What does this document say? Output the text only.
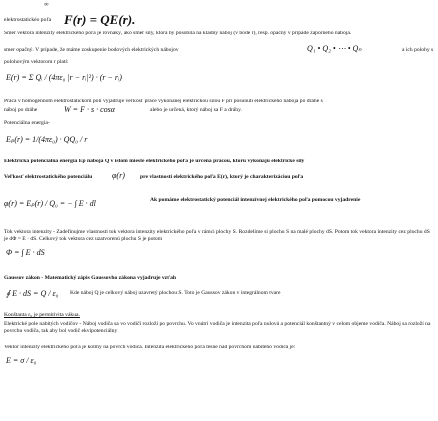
∞
elektrostatickéo poľa F(r) = QE(r).
Smer vektora intenzity elektrického poľa je rovnaký, ako smer sily, ktorá by pôsobila na kladný náboj (v bode r), resp. opačný v prípade záporného náboja.
smer opačný. V prípade, že máme zoskupenie bodových elektrických nábojov	Q₁ • Q₂ • ⋯ • Qₙ	a ich polohy s
polohovým vektorom r platí:
E(r) = Σ Qᵢ / (4πε₀ |r − rᵢ|²) · (r − rᵢ)
Práca v homogénnom elektrostatickom poli vyjadruje veľkosť práce vykonanej elektrickou silou F pri posunutí elektrického náboja po dráhe s
náboj po dráhe	W = F · s · cosα	alebo je určená, ktorý náboj sa F a dráhy.
Potenciálna energia-
Eₚ(r) = 1/(4πε₀) · QQ₀ / r
Elektrická potenciálna energia Ep náboja Q v istom mieste elektrického poľa je určená prácou, ktorú vykonajú elektrické sily
Veľkosť elektrostatického potenciálu φ(r)	pre vlastnosti elektrického poľa E(r), ktorý je charakterizáciou poľa
φ(r) = Eₚ(r) / Q₀ = − ∫ E · dl	Ak pomáme elektrostatický potenciál intenzívnej elektrického poľa pomocou vyjadrenie
Tok vektora intenzity - Zadefinujme vlastnosti tok vektora intenzity elektrického poľa v rámci plochy S. Rozdelíme si plochu S na malé plochy dS. Potom tok vektora intenzity cez plochu dS je dΦ = E · dS. Celkový tok vektora cez uzatvorenú plochu S je potom
Φ = ∫ E · dS
Gaussov zákon - Matematický zápis Gaussovho zákona vyjadruje vzťah
∮ E · dS = Q / ε₀ Kde náboj Q je celkový náboj uzavretý plochou S. Toto je Gaussov zákon v integrálnom tvare
Konštanta ε₀ je permitivita vákua.
Elektrické pole nabitých vodičov - Náboj vodiča sa vo vodiči rozloží po povrchu. Vo vnútri vodiča je intenzita poľa nulová a potenciál konštantný v celom objeme vodiča. Náboj sa rozloží na povrchu vodiča, tak aby bol vodič ekvipotenciálny
Vektor intenzity elektrického poľa je kolmý na povrch vodiča. Intenzita elektrického poľa tesne nad povrchom nabitého vodiča je:
E = σ / ε₀
